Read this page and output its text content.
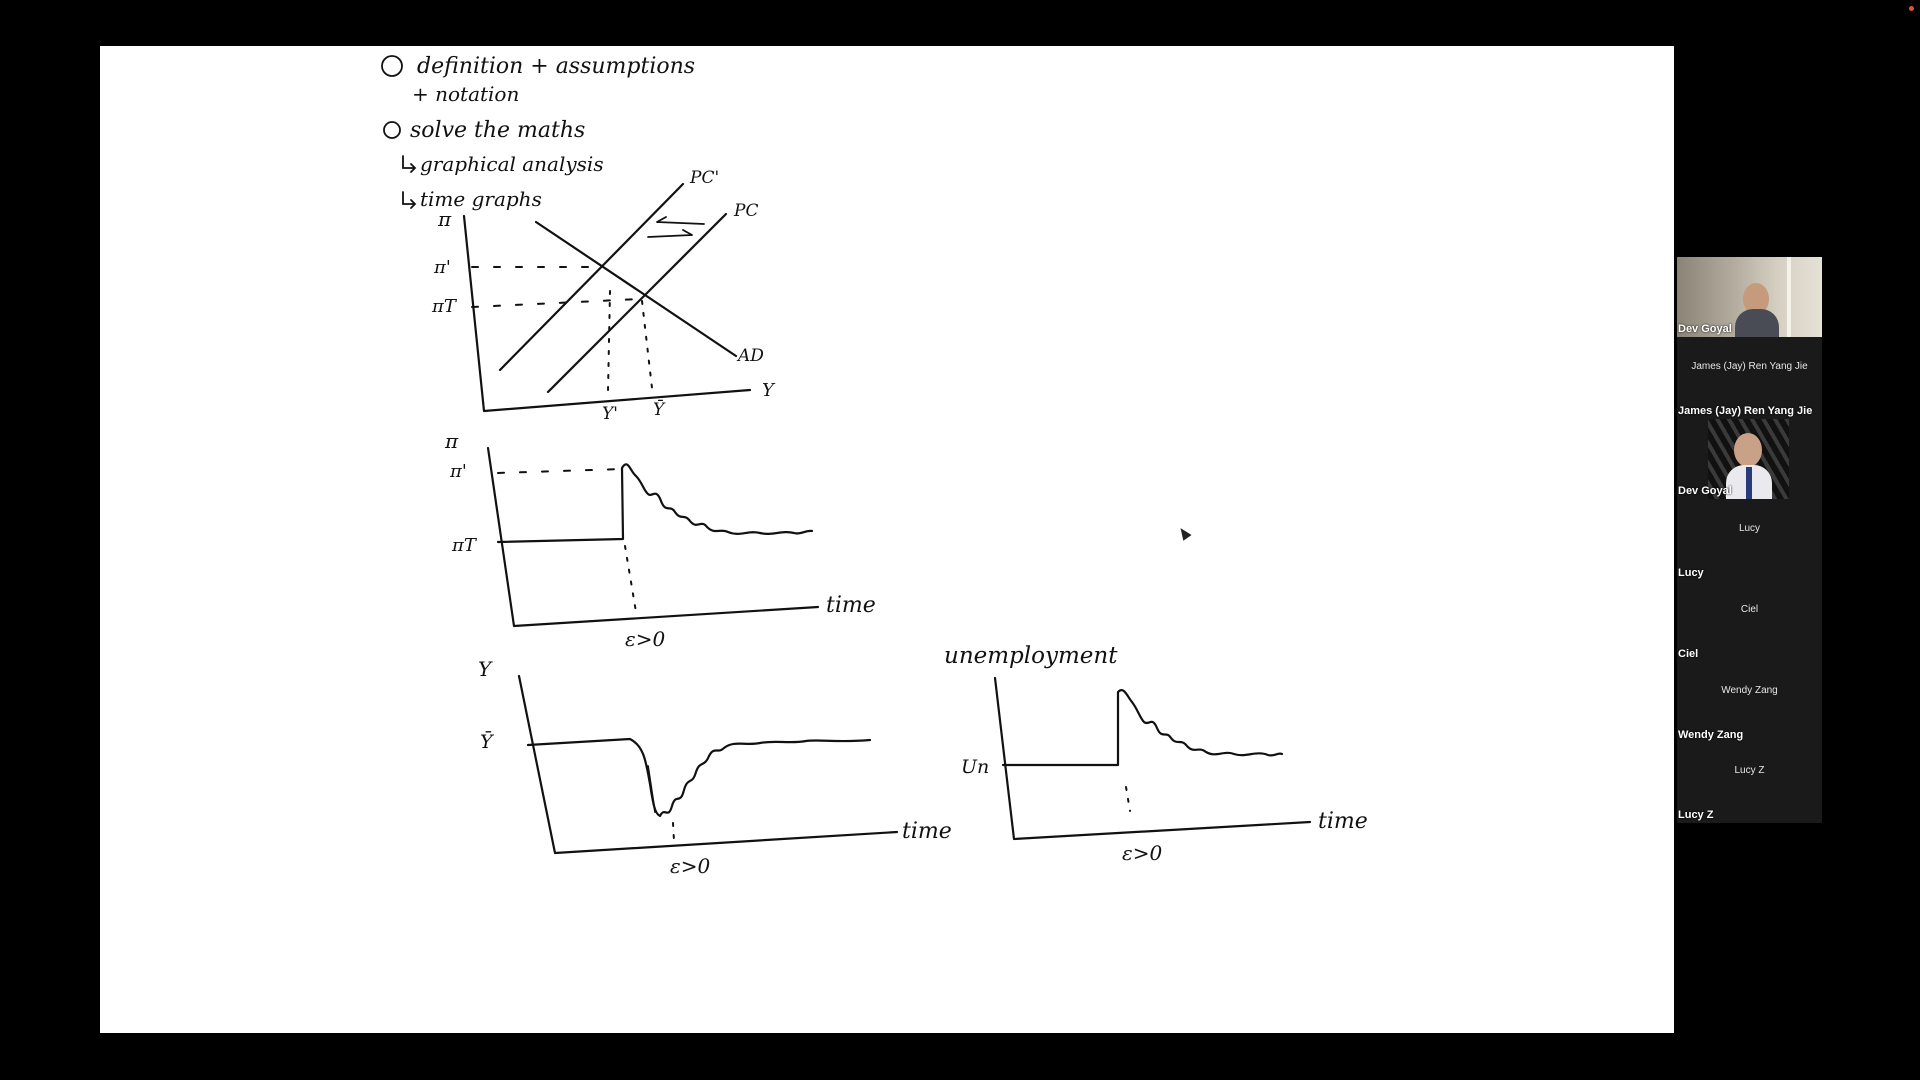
definition + assumptions
+ notation
solve the maths
graphical analysis
time graphs
π
Y
PC'
PC
AD
π'
πT
Y' Ȳ
π
time
π'
πT
ε>0
Y
time
Ȳ
ε>0
unemployment
time
Un
ε>0
Dev Goyal
James (Jay) Ren Yang Jie
James (Jay) Ren Yang Jie
Dev Goyal
Lucy
Lucy
Ciel
Ciel
Wendy Zang
Wendy Zang
Lucy Z
Lucy Z
